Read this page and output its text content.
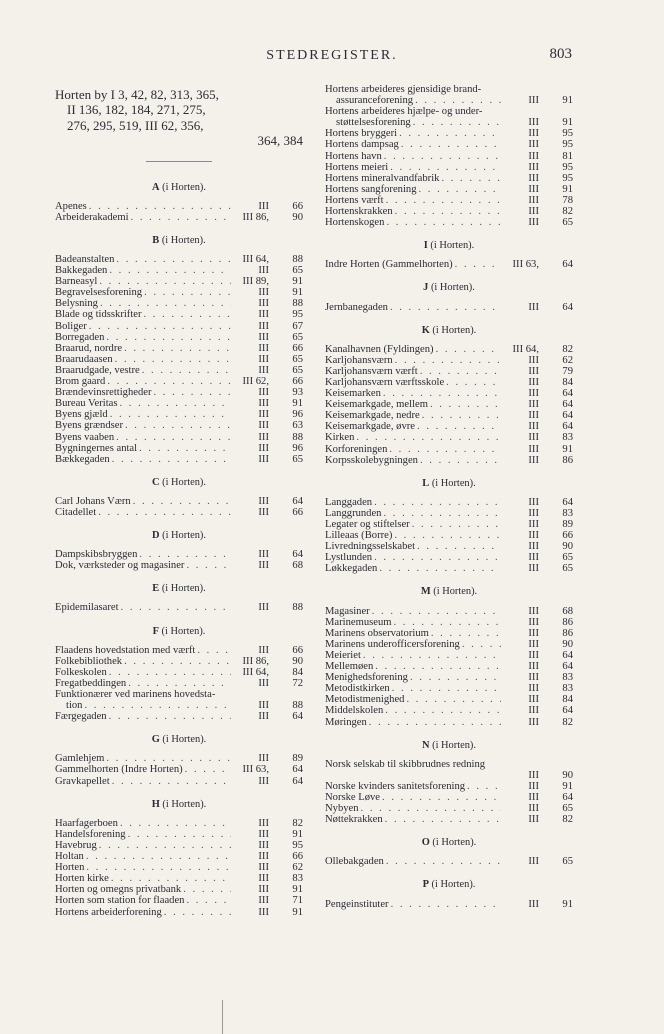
STEDREGISTER.	803
Horten by I 3, 42, 82, 313, 365,
II 136, 182, 184, 271, 275,
276, 295, 519, III 62, 356,
364, 384
A (i Horten).
Apenes . . .	III	66
Arbeiderakademi . . .	III 86,	90
B (i Horten).
Badeanstalten . . .	III 64,	88
Bakkegaden . . .	III	65
Barneasyl . . .	III 89,	91
Begravelsesforening . . .	III	91
Belysning . . .	III	88
Blade og tidsskrifter . . .	III	95
Boliger . . .	III	67
Borregaden . . .	III	65
Braarud, nordre . . .	III	66
Braarudaasen . . .	III	65
Braarudgade, vestre . . .	III	65
Brom gaard . . .	III 62,	66
Brændevinsrettigheder . . .	III	93
Bureau Veritas . . .	III	91
Byens gjæld . . .	III	96
Byens grændser . . .	III	63
Byens vaaben . . .	III	88
Bygningernes antal . . .	III	96
Bækkegaden . . .	III	65
C (i Horten).
Carl Johans Værn . . .	III	64
Citadellet . . .	III	66
D (i Horten).
Dampskibsbryggen . . .	III	64
Dok, værksteder og magasiner . . .	III	68
E (i Horten).
Epidemilasaret . . .	III	88
F (i Horten).
Flaadens hovedstation med værft . . .	III	66
Folkebibliothek . . .	III 86,	90
Folkeskolen . . .	III 64,	84
Fregatbeddingen . . .	III	72
Funktionærer ved marinens hovedsta-
tion . . .	III	88
Færgegaden . . .	III	64
G (i Horten).
Gamlehjem . . .	III	89
Gammelhorten (Indre Horten) . . .	III 63,	64
Gravkapellet . . .	III	64
H (i Horten).
Haarfagerboen . . .	III	82
Handelsforening . . .	III	91
Havebrug . . .	III	95
Holtan . . .	III	66
Horten . . .	III	62
Horten kirke . . .	III	83
Horten og omegns privatbank . . .	III	91
Horten som station for flaaden . . .	III	71
Hortens arbeiderforening . . .	III	91
Hortens arbeideres gjensidige brand-
assuranceforening . . .	III	91
Hortens arbeideres hjælpe- og under-
støttelsesforening . . .	III	91
Hortens bryggeri . . .	III	95
Hortens dampsag . . .	III	95
Hortens havn . . .	III	81
Hortens meieri . . .	III	95
Hortens mineralvandfabrik . . .	III	95
Hortens sangforening . . .	III	91
Hortens værft . . .	III	78
Hortenskrakken . . .	III	82
Hortenskogen . . .	III	65
I (i Horten).
Indre Horten (Gammelhorten) . . .	III 63,	64
J (i Horten).
Jernbanegaden . . .	III	64
K (i Horten).
Kanalhavnen (Fyldingen) . . .	III 64,	82
Karljohansværn . . .	III	62
Karljohansværn værft . . .	III	79
Karljohansværn værftsskole . . .	III	84
Keisemarken . . .	III	64
Keisemarkgade, mellem . . .	III	64
Keisemarkgade, nedre . . .	III	64
Keisemarkgade, øvre . . .	III	64
Kirken . . .	III	83
Korforeningen . . .	III	91
Korpsskolebygningen . . .	III	86
L (i Horten).
Langgaden . . .	III	64
Langgrunden . . .	III	83
Legater og stiftelser . . .	III	89
Lilleaas (Borre) . . .	III	66
Livredningsselskabet . . .	III	90
Lystlunden . . .	III	65
Løkkegaden . . .	III	65
M (i Horten).
Magasiner . . .	III	68
Marinemuseum . . .	III	86
Marinens observatorium . . .	III	86
Marinens underofficersforening . . .	III	90
Meieriet . . .	III	64
Mellemøen . . .	III	64
Menighedsforening . . .	III	83
Metodistkirken . . .	III	83
Metodistmenighed . . .	III	84
Middelskolen . . .	III	64
Møringen . . .	III	82
N (i Horten).
Norsk selskab til skibbrudnes redning
III	90
Norske kvinders sanitetsforening . . .	III	91
Norske Løve . . .	III	64
Nybyen . . .	III	65
Nøttekrakken . . .	III	82
O (i Horten).
Ollebakgaden . . .	III	65
P (i Horten).
Pengeinstituter . . .	III	91
